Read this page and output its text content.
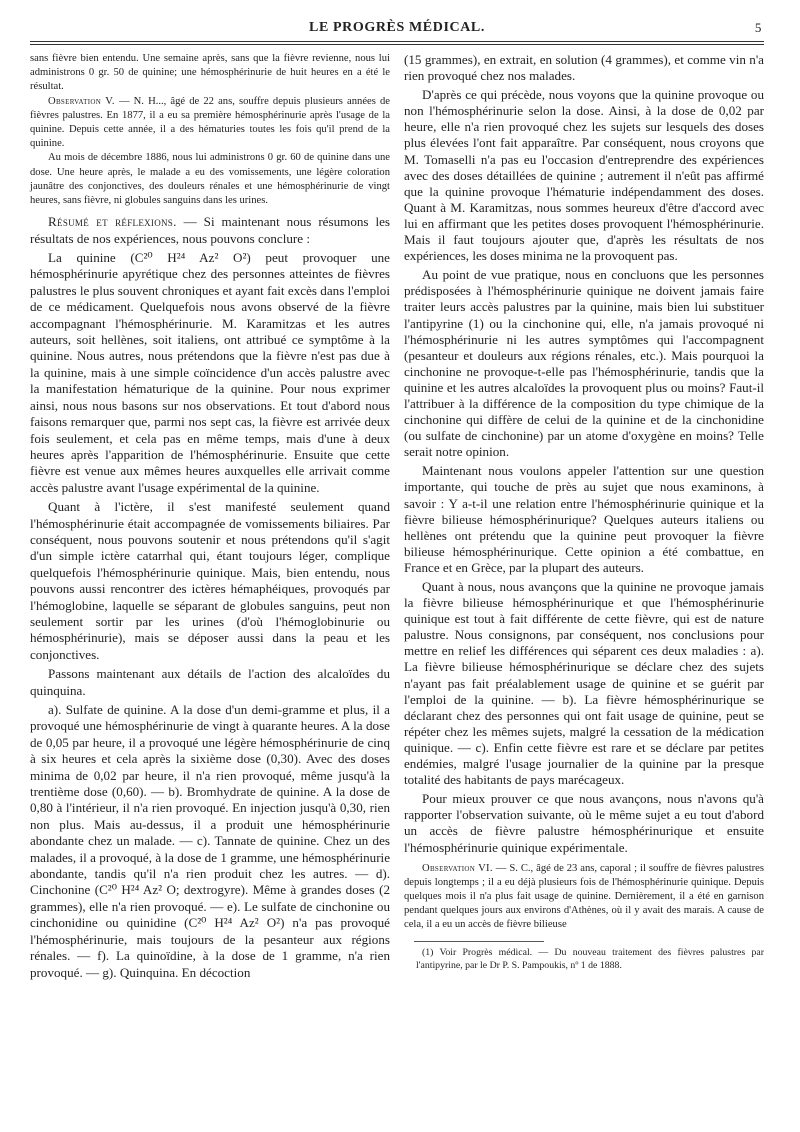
LE PROGRÈS MÉDICAL.	5

sans fièvre bien entendu. Une semaine après, sans que la fièvre revienne, nous lui administrons 0 gr. 50 de quinine; une hémosphérinurie de huit heures en a été le résultat.

Observation V. — N. H..., âgé de 22 ans, souffre depuis plusieurs années de fièvres palustres. En 1877, il a eu sa première hémosphérinurie après l'usage de la quinine. Depuis cette année, il a des hématuries toutes les fois qu'il prend de la quinine.

Au mois de décembre 1886, nous lui administrons 0 gr. 60 de quinine dans une dose. Une heure après, le malade a eu des vomissements, une légère coloration jaunâtre des conjonctives, des douleurs rénales et une hémosphérinurie de vingt heures, sans fièvre, ni globules sanguins dans les urines.

Résumé et réflexions. — Si maintenant nous résumons les résultats de nos expériences, nous pouvons conclure :

La quinine (C²⁰ H²⁴ Az² O²) peut provoquer une hémosphérinurie apyrétique chez des personnes atteintes de fièvres palustres le plus souvent chroniques et ayant fait excès dans l'emploi de ce médicament. Quelquefois nous avons observé de la fièvre accompagnant l'hémosphérinurie. M. Karamitzas et les autres auteurs, soit hellènes, soit italiens, ont attribué ce symptôme à la quinine. Nous autres, nous prétendons que la fièvre n'est pas due à la quinine, mais à une simple coïncidence d'un accès palustre avec la manifestation hématurique de la quinine. Pour nous exprimer ainsi, nous nous basons sur nos observations. Et tout d'abord nous faisons remarquer que, parmi nos sept cas, la fièvre est arrivée deux fois seulement, et cela pas en même temps, mais d'une à deux heures après l'apparition de l'hémosphérinurie. Ensuite que cette fièvre est venue aux mêmes heures auxquelles elle arrivait comme accès palustre avant l'usage expérimental de la quinine.

Quant à l'ictère, il s'est manifesté seulement quand l'hémosphérinurie était accompagnée de vomissements biliaires. Par conséquent, nous pouvons soutenir et nous prétendons qu'il s'agit d'un simple ictère catarrhal qui, étant toujours léger, complique quelquefois l'hémosphérinurie quinique. Mais, bien entendu, nous pouvons aussi rencontrer des ictères hémaphéiques, provoqués par l'hémoglobine, laquelle se séparant de globules sanguins, peut non seulement sortir par les urines (d'où l'hémoglobinurie ou hémosphérinurie), mais se déposer aussi dans la peau et les conjonctives.

Passons maintenant aux détails de l'action des alcaloïdes du quinquina.

a). Sulfate de quinine. A la dose d'un demi-gramme et plus, il a provoqué une hémosphérinurie de vingt à quarante heures. A la dose de 0,05 par heure, il a provoqué une légère hémosphérinurie de cinq à six heures et cela après la sixième dose (0,30). Avec des doses minima de 0,02 par heure, il n'a rien provoqué, même jusqu'à la trentième dose (0,60). — b). Bromhydrate de quinine. A la dose de 0,80 à l'intérieur, il n'a rien provoqué. En injection jusqu'à 0,30, rien non plus. Mais au-dessus, il a produit une hémosphérinurie abondante chez un malade. — c). Tannate de quinine. Chez un des malades, il a provoqué, à la dose de 1 gramme, une hémosphérinurie abondante, tandis qu'il n'a rien produit chez les autres. — d). Cinchonine (C²⁰ H²⁴ Az² O; dextrogyre). Même à grandes doses (2 grammes), elle n'a rien provoqué. — e). Le sulfate de cinchonine ou cinchonidine ou quinidine (C²⁰ H²⁴ Az² O²) n'a pas provoqué l'hémosphérinurie, mais toujours de la pesanteur aux régions rénales. — f). La quinoïdine, à la dose de 1 gramme, n'a rien provoqué. — g). Quinquina. En décoction

(15 grammes), en extrait, en solution (4 grammes), et comme vin n'a rien provoqué chez nos malades.

D'après ce qui précède, nous voyons que la quinine provoque ou non l'hémosphérinurie selon la dose. Ainsi, à la dose de 0,02 par heure, elle n'a rien provoqué chez les sujets sur lesquels des doses plus élevées l'ont fait apparaître. Par conséquent, nous croyons que M. Tomaselli n'a pas eu l'occasion d'entreprendre des expériences avec des doses détaillées de quinine ; autrement il n'eût pas affirmé que la quinine provoque l'hématurie indépendamment des doses. Quant à M. Karamitzas, nous sommes heureux d'être d'accord avec lui en affirmant que les petites doses provoquent l'hémosphérinurie. Mais il faut toujours ajouter que, d'après les résultats de nos expériences, les doses minima ne la provoquent pas.

Au point de vue pratique, nous en concluons que les personnes prédisposées à l'hémosphérinurie quinique ne doivent jamais faire traiter leurs accès palustres par la quinine, mais bien lui substituer l'antipyrine (1) ou la cinchonine qui, elle, n'a jamais provoqué ni l'hémosphérinurie ni les autres symptômes qui l'accompagnent (pesanteur et douleurs aux régions rénales, etc.). Mais pourquoi la cinchonine ne provoque-t-elle pas l'hémosphérinurie, tandis que la quinine et les autres alcaloïdes la provoquent plus ou moins? Faut-il l'attribuer à la différence de la composition du type chimique de la cinchonine qui diffère de celui de la quinine et de la cinchonidine (ou sulfate de cinchonine) par un atome d'oxygène en moins? Telle serait notre opinion.

Maintenant nous voulons appeler l'attention sur une question importante, qui touche de près au sujet que nous examinons, à savoir : Y a-t-il une relation entre l'hémosphérinurie quinique et la fièvre bilieuse hémosphérinurique? Quelques auteurs italiens ou hellènes ont prétendu que la quinine peut provoquer la fièvre bilieuse hémosphérinurique. Cette opinion a été combattue, en France et en Grèce, par la plupart des auteurs.

Quant à nous, nous avançons que la quinine ne provoque jamais la fièvre bilieuse hémosphérinurique et que l'hémosphérinurie quinique est tout à fait différente de cette fièvre, qui est de nature palustre. Nous consignons, par conséquent, nos conclusions pour mettre en relief les différences qui séparent ces deux maladies : a). La fièvre bilieuse hémosphérinurique se déclare chez des sujets n'ayant pas fait préalablement usage de quinine et se guérit par l'emploi de la quinine. — b). La fièvre hémosphérinurique se déclarant chez des personnes qui ont fait usage de quinine, peut se répéter chez les mêmes sujets, malgré la cessation de la médication quinique. — c). Enfin cette fièvre est rare et se déclare par petites endémies, malgré l'usage journalier de la quinine par la presque totalité des habitants de pays marécageux.

Pour mieux prouver ce que nous avançons, nous n'avons qu'à rapporter l'observation suivante, où le même sujet a eu tout d'abord un accès de fièvre palustre hémosphérinurique et ensuite l'hémosphérinurie quinique expérimentale.

Observation VI. — S. C., âgé de 23 ans, caporal ; il souffre de fièvres palustres depuis longtemps ; il a eu déjà plusieurs fois de l'hémosphérinurie quinique. Depuis quelques mois il n'a plus fait usage de quinine. Dernièrement, il a été en garnison pendant quelques jours aux environs d'Athènes, où il y avait des marais. A cause de cela, il a eu un accès de fièvre bilieuse

(1) Voir Progrès médical. — Du nouveau traitement des fièvres palustres par l'antipyrine, par le Dr P. S. Pampoukis, nº 1 de 1888.
